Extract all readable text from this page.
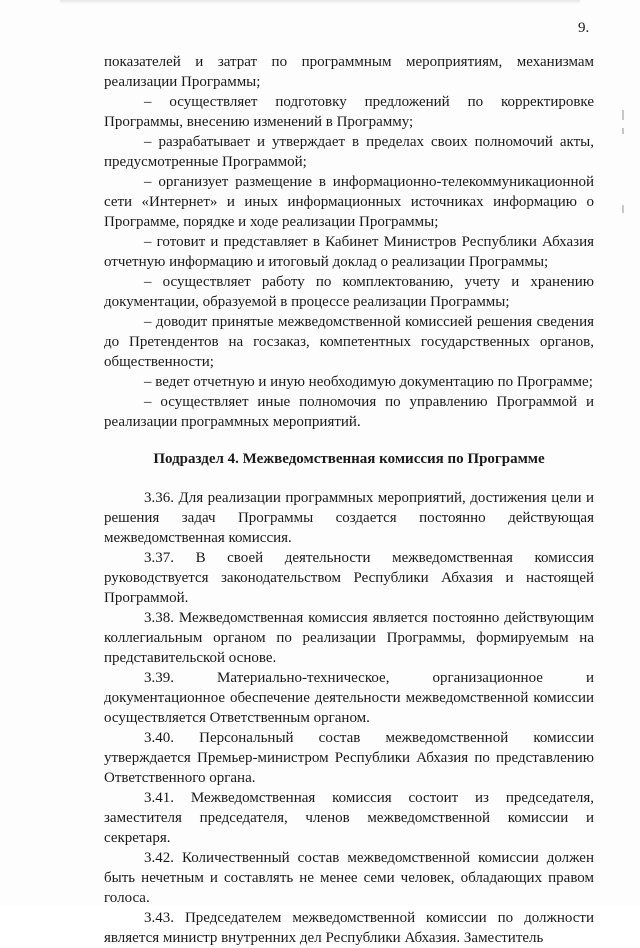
9.

показателей и затрат по программным мероприятиям, механизмам реализации Программы;

– осуществляет подготовку предложений по корректировке Программы, внесению изменений в Программу;

– разрабатывает и утверждает в пределах своих полномочий акты, предусмотренные Программой;

– организует размещение в информационно-телекоммуникационной сети «Интернет» и иных информационных источниках информацию о Программе, порядке и ходе реализации Программы;

– готовит и представляет в Кабинет Министров Республики Абхазия отчетную информацию и итоговый доклад о реализации Программы;

– осуществляет работу по комплектованию, учету и хранению документации, образуемой в процессе реализации Программы;

– доводит принятые межведомственной комиссией решения сведения до Претендентов на госзаказ, компетентных государственных органов, общественности;

– ведет отчетную и иную необходимую документацию по Программе;

– осуществляет иные полномочия по управлению Программой и реализации программных мероприятий.

Подраздел 4. Межведомственная комиссия по Программе

3.36. Для реализации программных мероприятий, достижения цели и решения задач Программы создается постоянно действующая межведомственная комиссия.

3.37. В своей деятельности межведомственная комиссия руководствуется законодательством Республики Абхазия и настоящей Программой.

3.38. Межведомственная комиссия является постоянно действующим коллегиальным органом по реализации Программы, формируемым на представительской основе.

3.39. Материально-техническое, организационное и документационное обеспечение деятельности межведомственной комиссии осуществляется Ответственным органом.

3.40. Персональный состав межведомственной комиссии утверждается Премьер-министром Республики Абхазия по представлению Ответственного органа.

3.41. Межведомственная комиссия состоит из председателя, заместителя председателя, членов межведомственной комиссии и секретаря.

3.42. Количественный состав межведомственной комиссии должен быть нечетным и составлять не менее семи человек, обладающих правом голоса.

3.43. Председателем межведомственной комиссии по должности является министр внутренних дел Республики Абхазия. Заместитель
